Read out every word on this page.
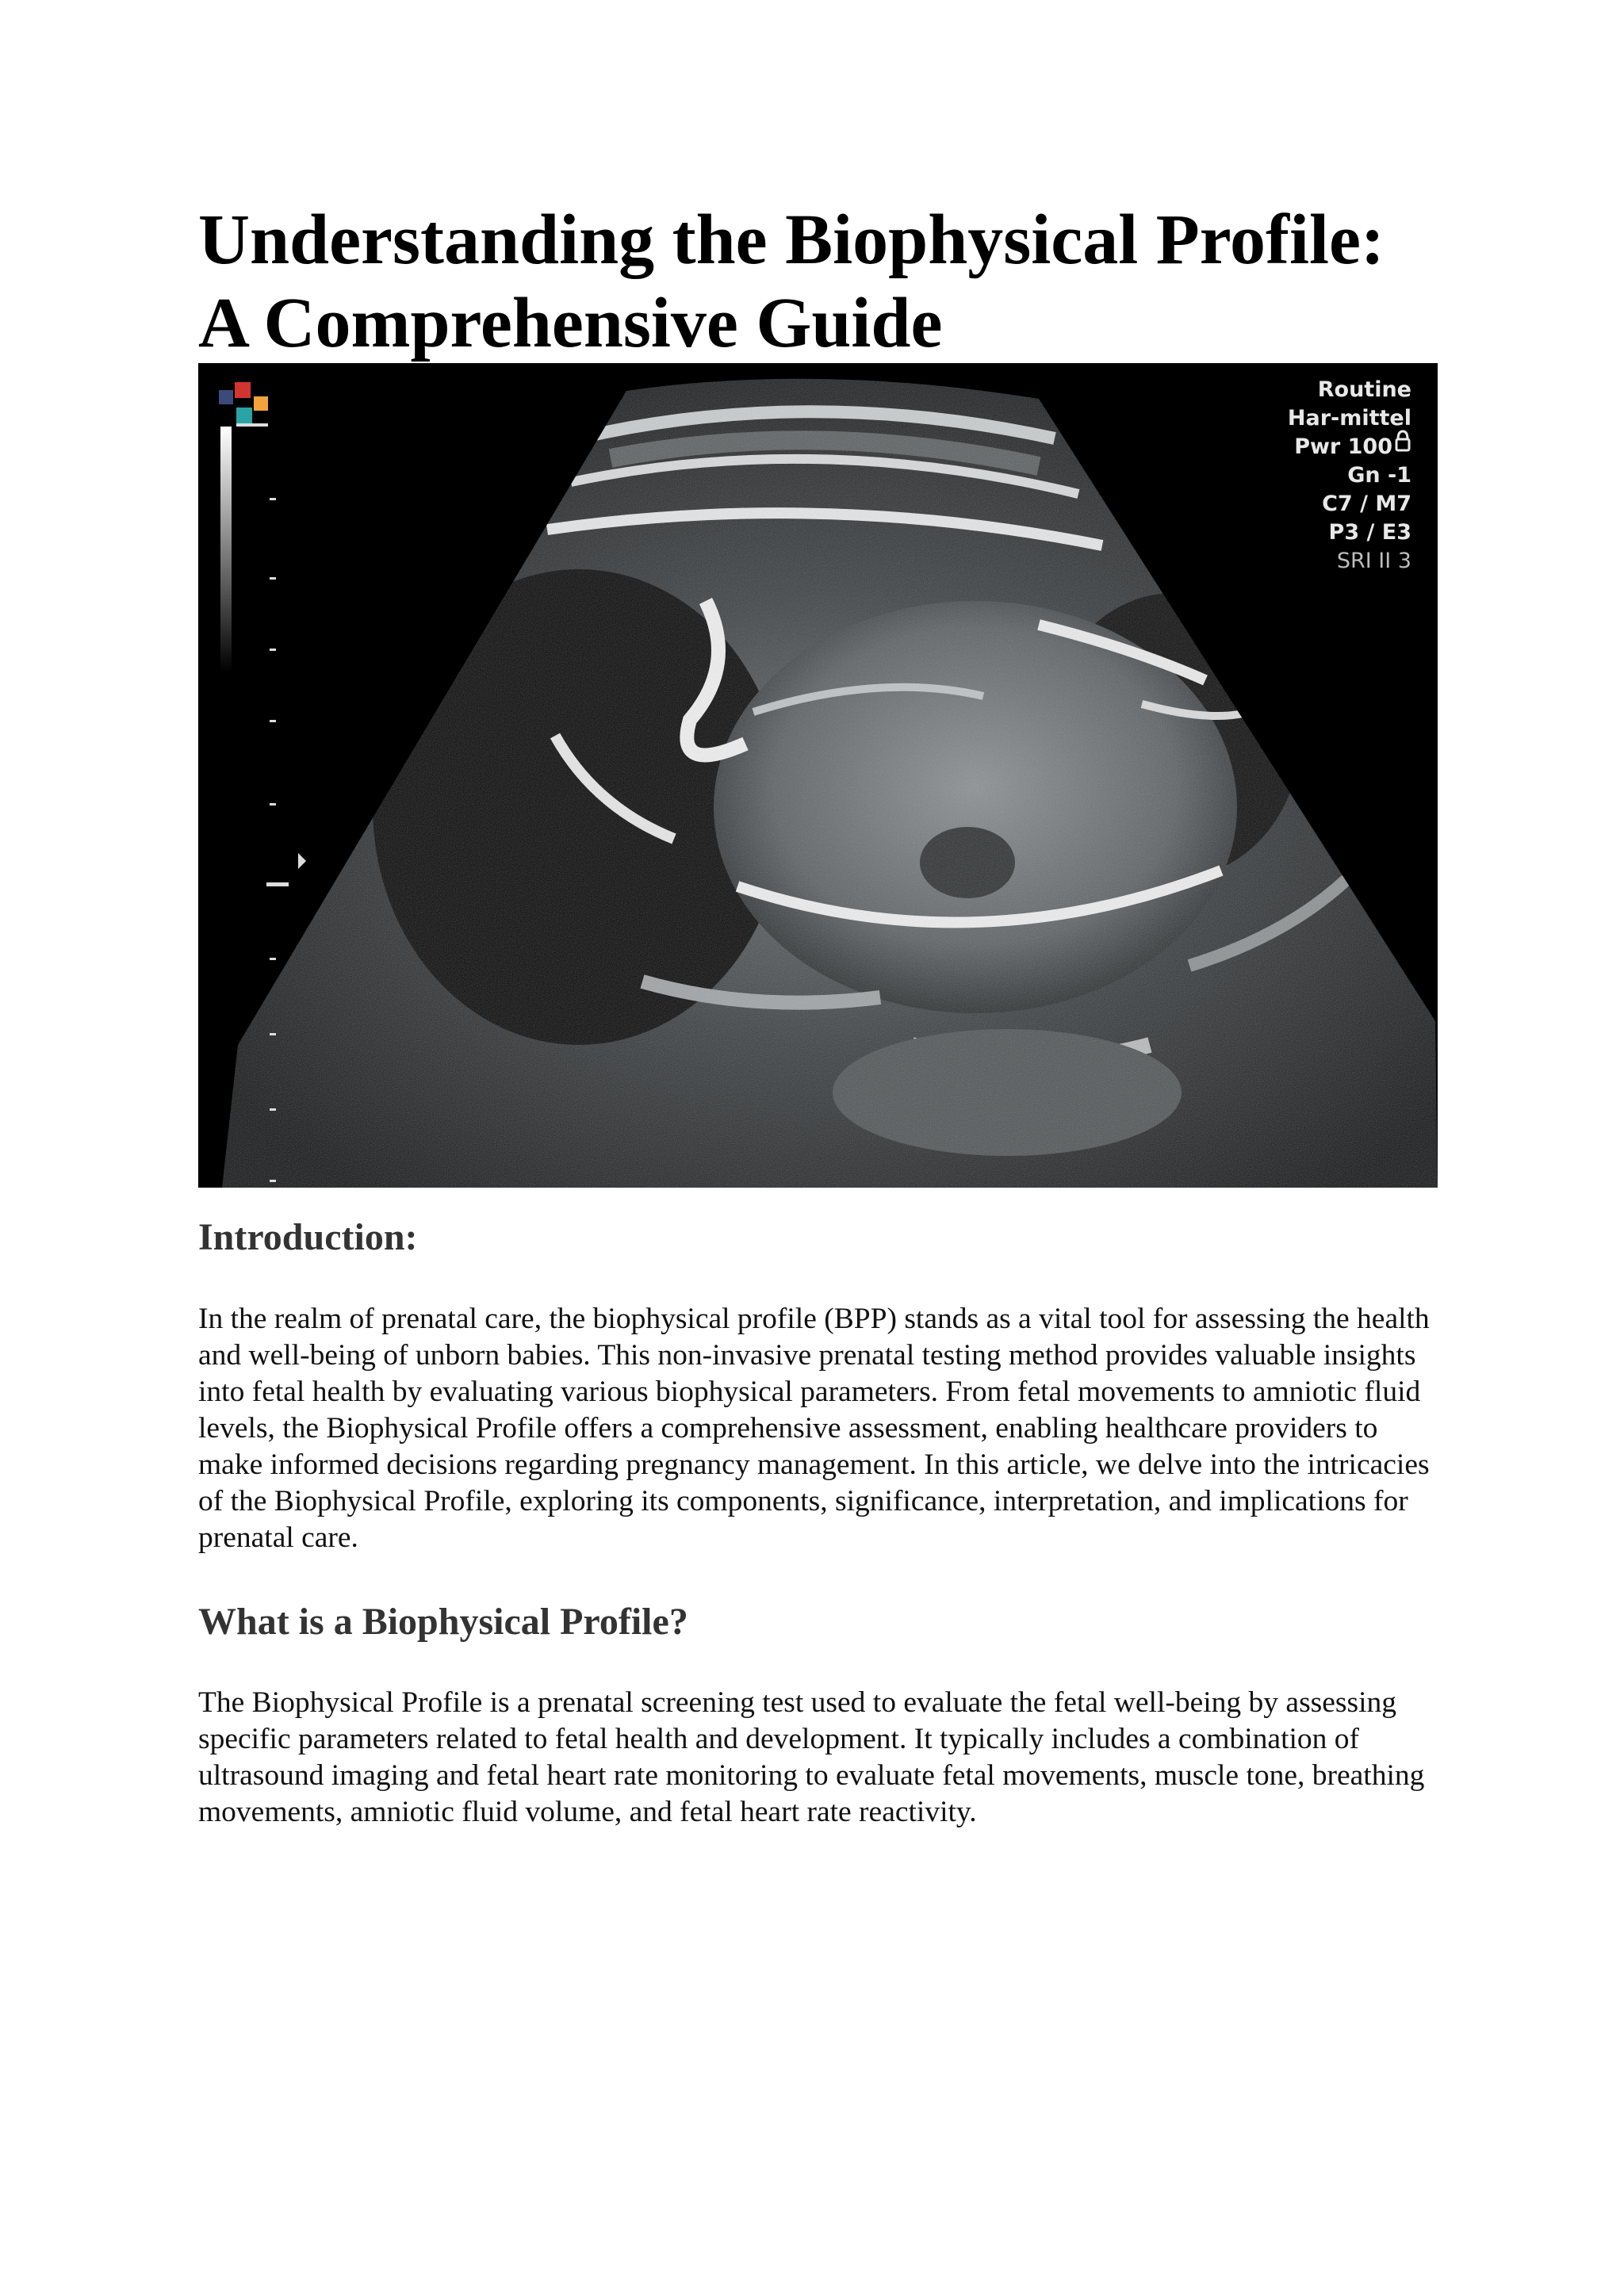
Understanding the Biophysical Profile:
A Comprehensive Guide
Routine
Har-mittel
Pwr 100
Gn -1
C7 / M7
P3 / E3
SRI II 3
Introduction:

In the realm of prenatal care, the biophysical profile (BPP) stands as a vital tool for assessing the health and well-being of unborn babies. This non-invasive prenatal testing method provides valuable insights into fetal health by evaluating various biophysical parameters. From fetal movements to amniotic fluid levels, the Biophysical Profile offers a comprehensive assessment, enabling healthcare providers to make informed decisions regarding pregnancy management. In this article, we delve into the intricacies of the Biophysical Profile, exploring its components, significance, interpretation, and implications for prenatal care.

What is a Biophysical Profile?

The Biophysical Profile is a prenatal screening test used to evaluate the fetal well-being by assessing specific parameters related to fetal health and development. It typically includes a combination of ultrasound imaging and fetal heart rate monitoring to evaluate fetal movements, muscle tone, breathing movements, amniotic fluid volume, and fetal heart rate reactivity.
